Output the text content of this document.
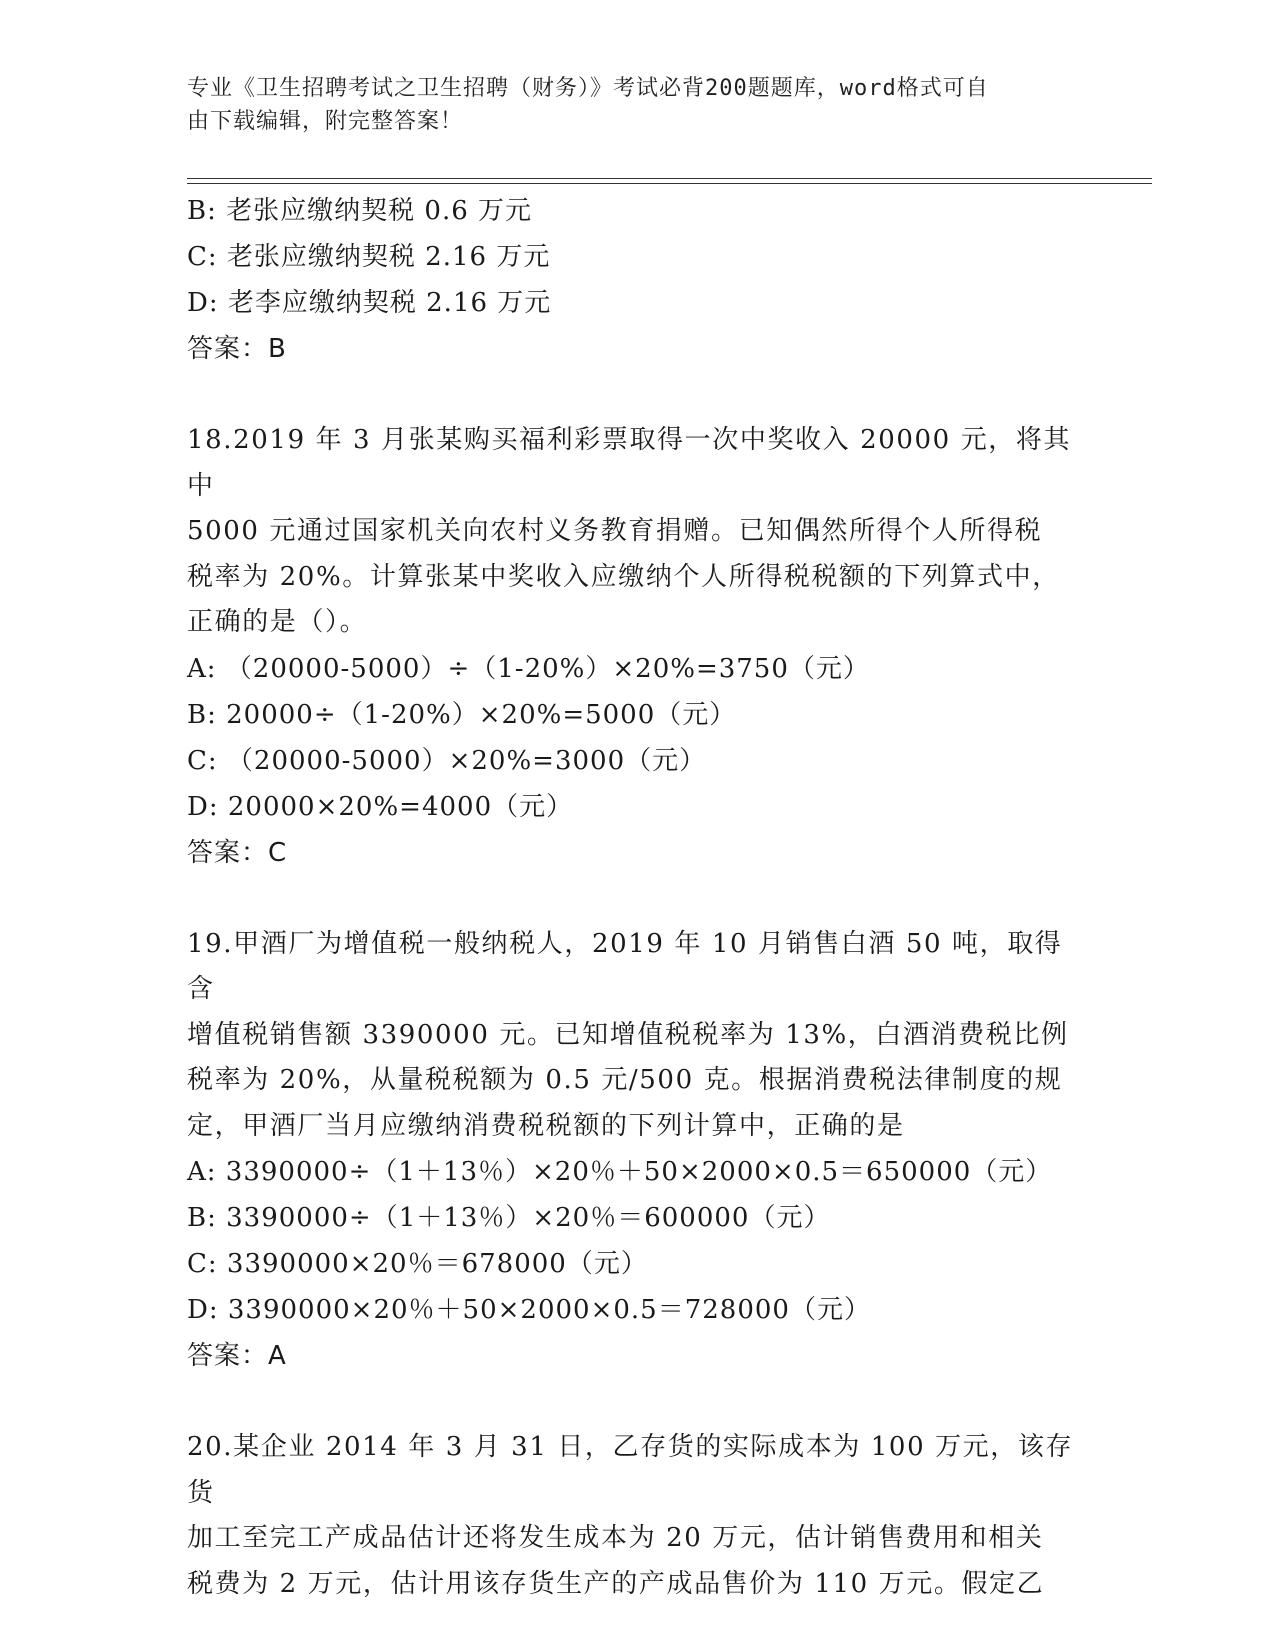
专业《卫生招聘考试之卫生招聘（财务）》考试必背200题题库，word格式可自
由下载编辑，附完整答案！
B: 老张应缴纳契税 0.6 万元
C: 老张应缴纳契税 2.16 万元
D: 老李应缴纳契税 2.16 万元
答案：B
18.2019 年 3 月张某购买福利彩票取得一次中奖收入 20000 元，将其中
5000 元通过国家机关向农村义务教育捐赠。已知偶然所得个人所得税
税率为 20%。计算张某中奖收入应缴纳个人所得税税额的下列算式中，
正确的是（）。
A: （20000-5000）÷（1-20%）×20%=3750（元）
B: 20000÷（1-20%）×20%=5000（元）
C: （20000-5000）×20%=3000（元）
D: 20000×20%=4000（元）
答案：C
19.甲酒厂为增值税一般纳税人，2019 年 10 月销售白酒 50 吨，取得含
增值税销售额 3390000 元。已知增值税税率为 13%，白酒消费税比例
税率为 20%，从量税税额为 0.5 元/500 克。根据消费税法律制度的规
定，甲酒厂当月应缴纳消费税税额的下列计算中，正确的是
A: 3390000÷（1＋13％）×20％＋50×2000×0.5＝650000（元）
B: 3390000÷（1＋13％）×20％＝600000（元）
C: 3390000×20％＝678000（元）
D: 3390000×20％＋50×2000×0.5＝728000（元）
答案：A
20.某企业 2014 年 3 月 31 日，乙存货的实际成本为 100 万元，该存货
加工至完工产成品估计还将发生成本为 20 万元，估计销售费用和相关
税费为 2 万元，估计用该存货生产的产成品售价为 110 万元。假定乙
